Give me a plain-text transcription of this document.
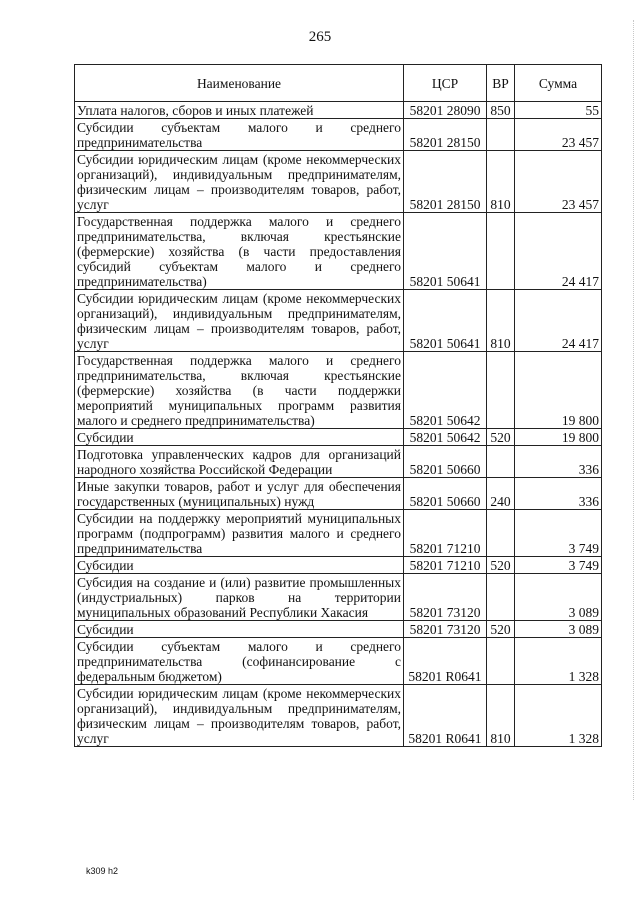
265
Наименование	ЦСР	ВР	Сумма
Уплата налогов, сборов и иных платежей	58201 28090	850	55
Субсидии субъектам малого и среднего предпринимательства	58201 28150		23 457
Субсидии юридическим лицам (кроме некоммерческих организаций), индивидуальным предпринимателям, физическим лицам – производителям товаров, работ, услуг	58201 28150	810	23 457
Государственная поддержка малого и среднего предпринимательства, включая крестьянские (фермерские) хозяйства (в части предоставления субсидий субъектам малого и среднего предпринимательства)	58201 50641		24 417
Субсидии юридическим лицам (кроме некоммерческих организаций), индивидуальным предпринимателям, физическим лицам – производителям товаров, работ, услуг	58201 50641	810	24 417
Государственная поддержка малого и среднего предпринимательства, включая крестьянские (фермерские) хозяйства (в части поддержки мероприятий муниципальных программ развития малого и среднего предпринимательства)	58201 50642		19 800
Субсидии	58201 50642	520	19 800
Подготовка управленческих кадров для организаций народного хозяйства Российской Федерации	58201 50660		336
Иные закупки товаров, работ и услуг для обеспечения государственных (муниципальных) нужд	58201 50660	240	336
Субсидии на поддержку мероприятий муниципальных программ (подпрограмм) развития малого и среднего предпринимательства	58201 71210		3 749
Субсидии	58201 71210	520	3 749
Субсидия на создание и (или) развитие промышленных (индустриальных) парков на территории муниципальных образований Республики Хакасия	58201 73120		3 089
Субсидии	58201 73120	520	3 089
Субсидии субъектам малого и среднего предпринимательства (софинансирование с федеральным бюджетом)	58201 R0641		1 328
Субсидии юридическим лицам (кроме некоммерческих организаций), индивидуальным предпринимателям, физическим лицам – производителям товаров, работ, услуг	58201 R0641	810	1 328
k309 h2
